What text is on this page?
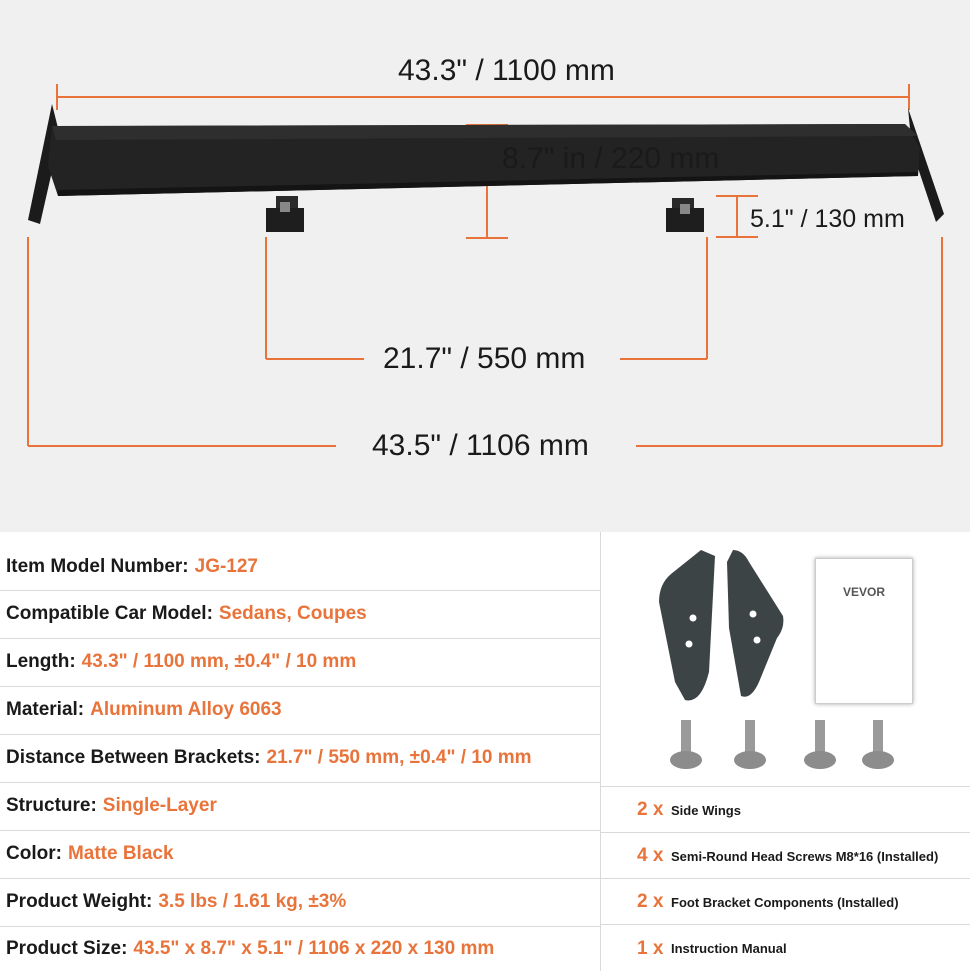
43.3" / 1100 mm
8.7" in / 220 mm
5.1" / 130 mm
21.7" / 550 mm
43.5" / 1106 mm
Item Model Number: JG-127
Compatible Car Model: Sedans, Coupes
Length: 43.3" / 1100 mm, ±0.4" / 10 mm
Material: Aluminum Alloy 6063
Distance Between Brackets: 21.7" / 550 mm, ±0.4" / 10 mm
Structure: Single-Layer
Color: Matte Black
Product Weight: 3.5 lbs / 1.61 kg, ±3%
Product Size: 43.5" x 8.7" x 5.1" / 1106 x 220 x 130 mm
VEVOR
2 x Side Wings
4 x Semi-Round Head Screws M8*16 (Installed)
2 x Foot Bracket Components (Installed)
1 x Instruction Manual
